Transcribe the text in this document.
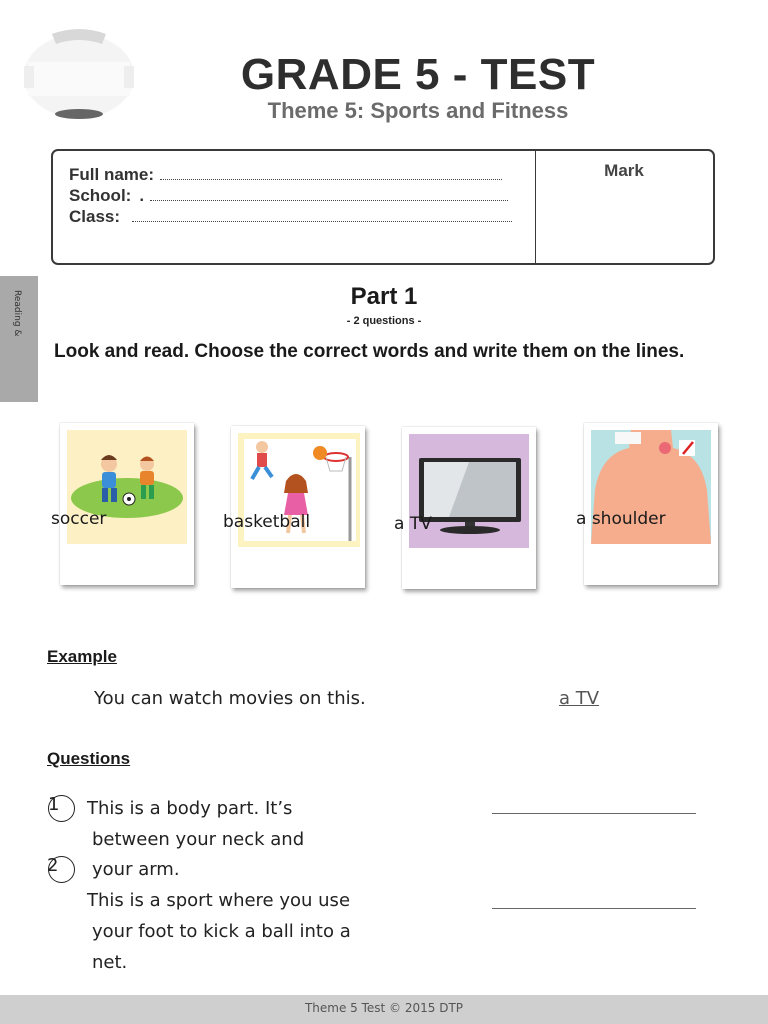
GRADE 5 - TEST
Theme 5: Sports and Fitness
Full name:
School: .
Class:
Mark
Reading &	Part 1
- 2 questions -
Look and read. Choose the correct words and write them on the lines.
soccer	basketball	a TV	a shoulder
Example
You can watch movies on this.	a TV
Questions
1 This is a body part. It’s
between your neck and
your arm.
2
This is a sport where you use
your foot to kick a ball into a
net.
Theme 5 Test © 2015 DTP
